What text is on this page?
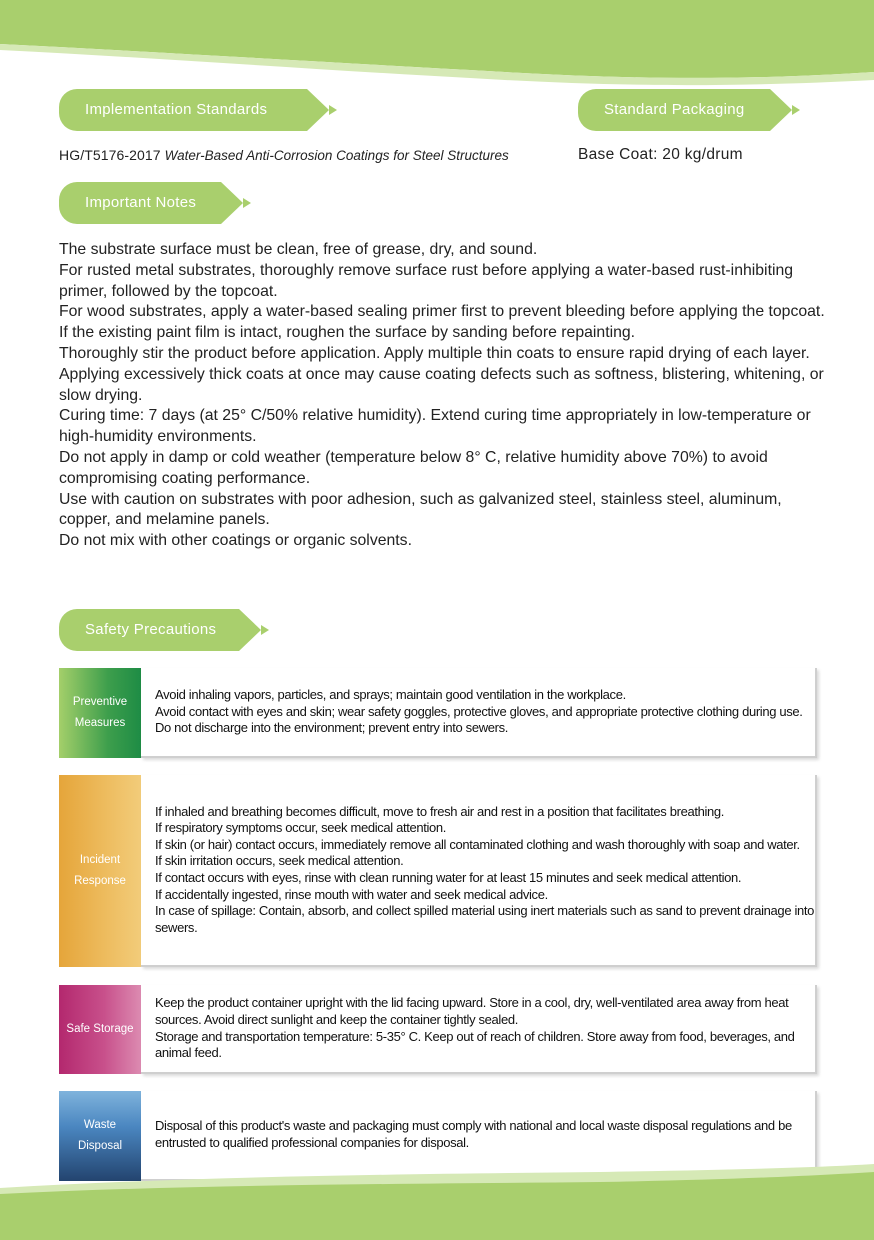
Implementation Standards	Standard Packaging
HG/T5176-2017 Water-Based Anti-Corrosion Coatings for Steel Structures	Base Coat: 20 kg/drum
Important Notes

The substrate surface must be clean, free of grease, dry, and sound.

For rusted metal substrates, thoroughly remove surface rust before applying a water-based rust-inhibiting primer, followed by the topcoat.

For wood substrates, apply a water-based sealing primer first to prevent bleeding before applying the topcoat.

If the existing paint film is intact, roughen the surface by sanding before repainting.

Thoroughly stir the product before application. Apply multiple thin coats to ensure rapid drying of each layer.

Applying excessively thick coats at once may cause coating defects such as softness, blistering, whitening, or slow drying.

Curing time: 7 days (at 25° C/50% relative humidity). Extend curing time appropriately in low-temperature or high-humidity environments.

Do not apply in damp or cold weather (temperature below 8° C, relative humidity above 70%) to avoid compromising coating performance.

Use with caution on substrates with poor adhesion, such as galvanized steel, stainless steel, aluminum, copper, and melamine panels.

Do not mix with other coatings or organic solvents.

Safety Precautions
Preventive
Measures

Avoid inhaling vapors, particles, and sprays; maintain good ventilation in the workplace.

Avoid contact with eyes and skin; wear safety goggles, protective gloves, and appropriate protective clothing during use.

Do not discharge into the environment; prevent entry into sewers.

Incident
Response

If inhaled and breathing becomes difficult, move to fresh air and rest in a position that facilitates breathing.

If respiratory symptoms occur, seek medical attention.

If skin (or hair) contact occurs, immediately remove all contaminated clothing and wash thoroughly with soap and water.

If skin irritation occurs, seek medical attention.

If contact occurs with eyes, rinse with clean running water for at least 15 minutes and seek medical attention.

If accidentally ingested, rinse mouth with water and seek medical advice.

In case of spillage: Contain, absorb, and collect spilled material using inert materials such as sand to prevent drainage into sewers.

Safe Storage

Keep the product container upright with the lid facing upward. Store in a cool, dry, well-ventilated area away from heat sources. Avoid direct sunlight and keep the container tightly sealed.

Storage and transportation temperature: 5-35° C. Keep out of reach of children. Store away from food, beverages, and animal feed.

Waste
Disposal

Disposal of this product's waste and packaging must comply with national and local waste disposal regulations and be entrusted to qualified professional companies for disposal.
